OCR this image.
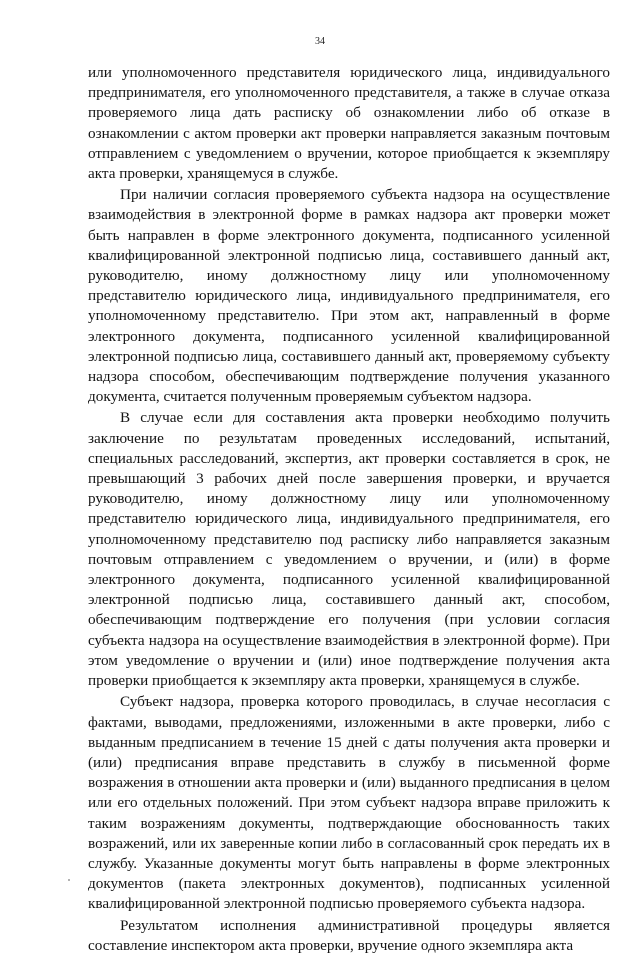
34

или уполномоченного представителя юридического лица, индивидуального предпринимателя, его уполномоченного представителя, а также в случае отказа проверяемого лица дать расписку об ознакомлении либо об отказе в ознакомлении с актом проверки акт проверки направляется заказным почтовым отправлением с уведомлением о вручении, которое приобщается к экземпляру акта проверки, хранящемуся в службе.

При наличии согласия проверяемого субъекта надзора на осуществление взаимодействия в электронной форме в рамках надзора акт проверки может быть направлен в форме электронного документа, подписанного усиленной квалифицированной электронной подписью лица, составившего данный акт, руководителю, иному должностному лицу или уполномоченному представителю юридического лица, индивидуального предпринимателя, его уполномоченному представителю. При этом акт, направленный в форме электронного документа, подписанного усиленной квалифицированной электронной подписью лица, составившего данный акт, проверяемому субъекту надзора способом, обеспечивающим подтверждение получения указанного документа, считается полученным проверяемым субъектом надзора.

В случае если для составления акта проверки необходимо получить заключение по результатам проведенных исследований, испытаний, специальных расследований, экспертиз, акт проверки составляется в срок, не превышающий 3 рабочих дней после завершения проверки, и вручается руководителю, иному должностному лицу или уполномоченному представителю юридического лица, индивидуального предпринимателя, его уполномоченному представителю под расписку либо направляется заказным почтовым отправлением с уведомлением о вручении, и (или) в форме электронного документа, подписанного усиленной квалифицированной электронной подписью лица, составившего данный акт, способом, обеспечивающим подтверждение его получения (при условии согласия субъекта надзора на осуществление взаимодействия в электронной форме). При этом уведомление о вручении и (или) иное подтверждение получения акта проверки приобщается к экземпляру акта проверки, хранящемуся в службе.

Субъект надзора, проверка которого проводилась, в случае несогласия с фактами, выводами, предложениями, изложенными в акте проверки, либо с выданным предписанием в течение 15 дней с даты получения акта проверки и (или) предписания вправе представить в службу в письменной форме возражения в отношении акта проверки и (или) выданного предписания в целом или его отдельных положений. При этом субъект надзора вправе приложить к таким возражениям документы, подтверждающие обоснованность таких возражений, или их заверенные копии либо в согласованный срок передать их в службу. Указанные документы могут быть направлены в форме электронных документов (пакета электронных документов), подписанных усиленной квалифицированной электронной подписью проверяемого субъекта надзора.

Результатом исполнения административной процедуры является составление инспектором акта проверки, вручение одного экземпляра акта
